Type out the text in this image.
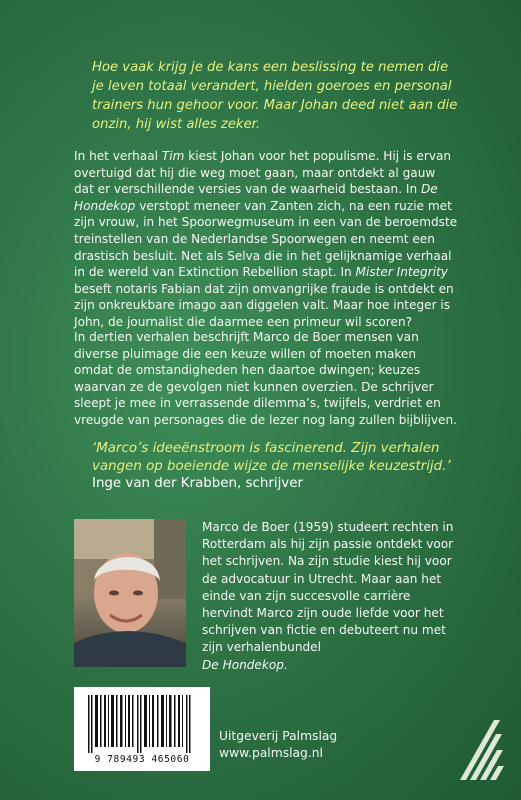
Hoe vaak krijg je de kans een beslissing te nemen die je leven totaal verandert, hielden goeroes en personal trainers hun gehoor voor. Maar Johan deed niet aan die onzin, hij wist alles zeker.
In het verhaal Tim kiest Johan voor het populisme. Hij is ervan overtuigd dat hij die weg moet gaan, maar ontdekt al gauw dat er verschillende versies van de waarheid bestaan. In De Hondekop verstopt meneer van Zanten zich, na een ruzie met zijn vrouw, in het Spoorwegmuseum in een van de beroemdste treinstellen van de Nederlandse Spoorwegen en neemt een drastisch besluit. Net als Selva die in het gelijknamige verhaal in de wereld van Extinction Rebellion stapt. In Mister Integrity beseft notaris Fabian dat zijn omvangrijke fraude is ontdekt en zijn onkreukbare imago aan diggelen valt. Maar hoe integer is John, de journalist die daarmee een primeur wil scoren?
In dertien verhalen beschrijft Marco de Boer mensen van diverse pluimage die een keuze willen of moeten maken omdat de omstandigheden hen daartoe dwingen; keuzes waarvan ze de gevolgen niet kunnen overzien. De schrijver sleept je mee in verrassende dilemma’s, twijfels, verdriet en vreugde van personages die de lezer nog lang zullen bijblijven.
‘Marco’s ideeënstroom is fascinerend. Zijn verhalen vangen op boeiende wijze de menselijke keuzestrijd.’
Inge van der Krabben, schrijver
Marco de Boer (1959) studeert rechten in Rotterdam als hij zijn passie ontdekt voor het schrijven. Na zijn studie kiest hij voor de advocatuur in Utrecht. Maar aan het einde van zijn succesvolle carrière hervindt Marco zijn oude liefde voor het schrijven van fictie en debuteert nu met zijn verhalenbundel
De Hondekop.
9 789493 465060
Uitgeverij Palmslag
www.palmslag.nl
